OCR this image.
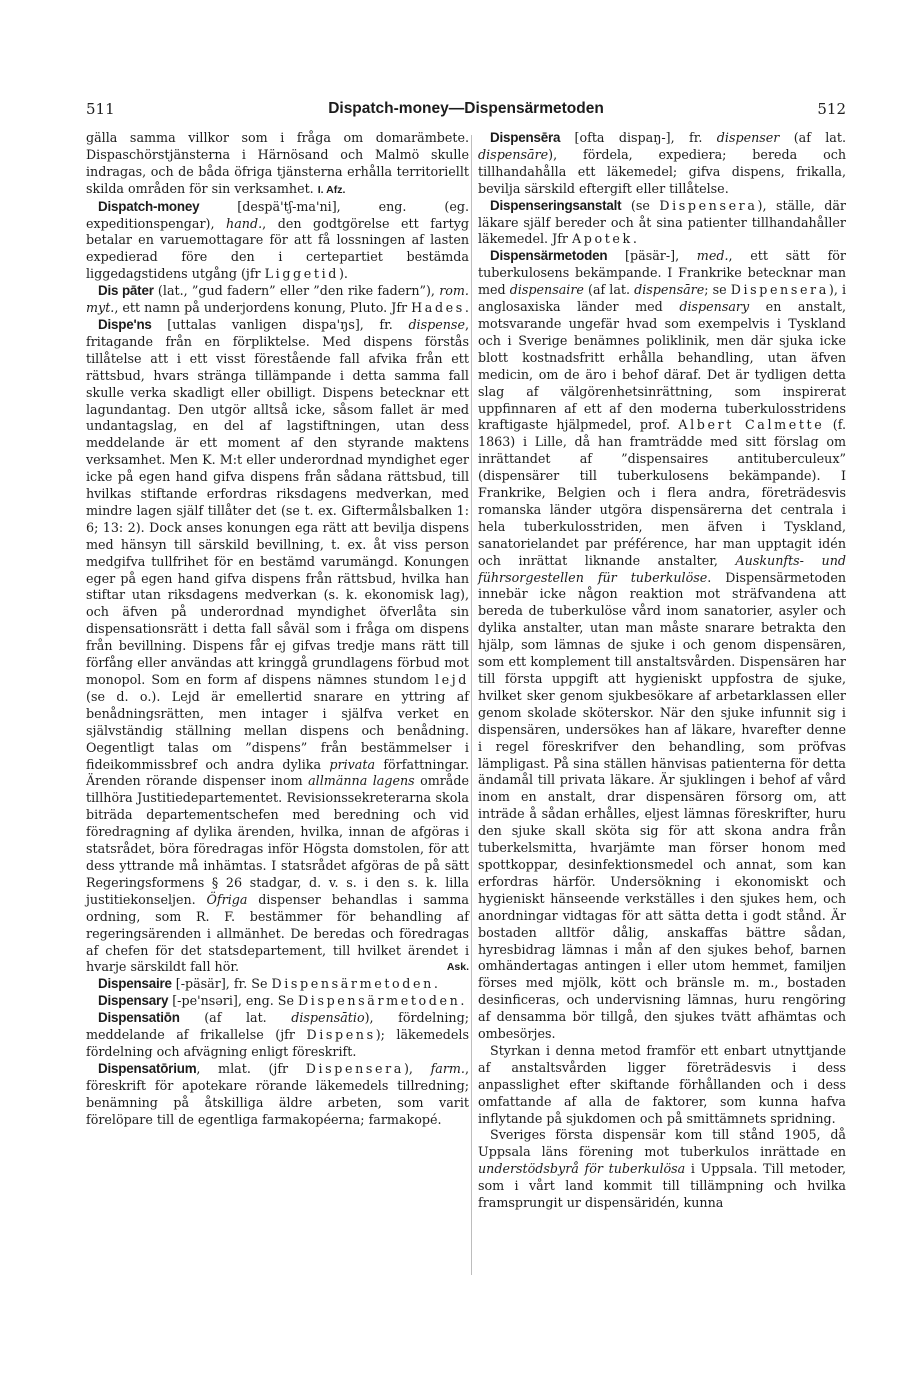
511	Dispatch-money—Dispensärmetoden	512

gälla samma villkor som i fråga om domarämbete. Dispaschörstjänsterna i Härnösand och Malmö skulle indragas, och de båda öfriga tjänsterna erhålla territoriellt skilda områden för sin verksamhet. I. Afz.

Dispatch-money [despä'tʃ-ma'ni], eng. (eg. expeditionspengar), hand., den godtgörelse ett fartyg betalar en varuemottagare för att få lossningen af lasten expedierad före den i certepartiet bestämda liggedagstidens utgång (jfr Liggetid).

Dis pāter (lat., ”gud fadern” eller ”den rike fadern”), rom. myt., ett namn på underjordens konung, Pluto. Jfr Hades.

Dispe'ns [uttalas vanligen dispa'ŋs], fr. dispense, fritagande från en förpliktelse. Med dispens förstås tillåtelse att i ett visst förestående fall afvika från ett rättsbud, hvars stränga tillämpande i detta samma fall skulle verka skadligt eller obilligt. Dispens betecknar ett lagundantag. Den utgör alltså icke, såsom fallet är med undantagslag, en del af lagstiftningen, utan dess meddelande är ett moment af den styrande maktens verksamhet. Men K. M:t eller underordnad myndighet eger icke på egen hand gifva dispens från sådana rättsbud, till hvilkas stiftande erfordras riksdagens medverkan, med mindre lagen själf tillåter det (se t. ex. Giftermålsbalken 1: 6; 13: 2). Dock anses konungen ega rätt att bevilja dispens med hänsyn till särskild bevillning, t. ex. åt viss person medgifva tullfrihet för en bestämd varumängd. Konungen eger på egen hand gifva dispens från rättsbud, hvilka han stiftar utan riksdagens medverkan (s. k. ekonomisk lag), och äfven på underordnad myndighet öfverlåta sin dispensationsrätt i detta fall såväl som i fråga om dispens från bevillning. Dispens får ej gifvas tredje mans rätt till förfång eller användas att kringgå grundlagens förbud mot monopol. Som en form af dispens nämnes stundom lejd (se d. o.). Lejd är emellertid snarare en yttring af benådningsrätten, men intager i själfva verket en självständig ställning mellan dispens och benådning. Oegentligt talas om ”dispens” från bestämmelser i fideikommissbref och andra dylika privata författningar. Ärenden rörande dispenser inom allmänna lagens område tillhöra Justitiedepartementet. Revisionssekreterarna skola biträda departementschefen med beredning och vid föredragning af dylika ärenden, hvilka, innan de afgöras i statsrådet, böra föredragas inför Högsta domstolen, för att dess yttrande må inhämtas. I statsrådet afgöras de på sätt Regeringsformens § 26 stadgar, d. v. s. i den s. k. lilla justitiekonseljen. Öfriga dispenser behandlas i samma ordning, som R. F. bestämmer för behandling af regeringsärenden i allmänhet. De beredas och föredragas af chefen för det statsdepartement, till hvilket ärendet i hvarje särskildt fall hör.	Ask.

Dispensaire [-päsär], fr. Se Dispensärmetoden.

Dispensary [-pe'nsəri], eng. Se Dispensärmetoden.

Dispensatiōn (af lat. dispensātio), fördelning; meddelande af frikallelse (jfr Dispens); läkemedels fördelning och afvägning enligt föreskrift.

Dispensatōrium, mlat. (jfr Dispensera), farm., föreskrift för apotekare rörande läkemedels tillredning; benämning på åtskilliga äldre arbeten, som varit förelöpare till de egentliga farmakopéerna; farmakopé.

Dispensēra [ofta dispaŋ-], fr. dispenser (af lat. dispensāre), fördela, expediera; bereda och tillhandahålla ett läkemedel; gifva dispens, frikalla, bevilja särskild eftergift eller tillåtelse.

Dispenseringsanstalt (se Dispensera), ställe, där läkare själf bereder och åt sina patienter tillhandahåller läkemedel. Jfr Apotek.

Dispensärmetoden [päsär-], med., ett sätt för tuberkulosens bekämpande. I Frankrike betecknar man med dispensaire (af lat. dispensāre; se Dispensera), i anglosaxiska länder med dispensary en anstalt, motsvarande ungefär hvad som exempelvis i Tyskland och i Sverige benämnes poliklinik, men där sjuka icke blott kostnadsfritt erhålla behandling, utan äfven medicin, om de äro i behof däraf. Det är tydligen detta slag af välgörenhetsinrättning, som inspirerat uppfinnaren af ett af den moderna tuberkulosstridens kraftigaste hjälpmedel, prof. Albert Calmette (f. 1863) i Lille, då han framträdde med sitt förslag om inrättandet af ”dispensaires antituberculeux” (dispensärer till tuberkulosens bekämpande). I Frankrike, Belgien och i flera andra, företrädesvis romanska länder utgöra dispensärerna det centrala i hela tuberkulosstriden, men äfven i Tyskland, sanatorielandet par préférence, har man upptagit idén och inrättat liknande anstalter, Auskunfts- und führsorgestellen für tuberkulöse. Dispensärmetoden innebär icke någon reaktion mot sträfvandena att bereda de tuberkulöse vård inom sanatorier, asyler och dylika anstalter, utan man måste snarare betrakta den hjälp, som lämnas de sjuke i och genom dispensären, som ett komplement till anstaltsvården. Dispensären har till första uppgift att hygieniskt uppfostra de sjuke, hvilket sker genom sjukbesökare af arbetarklassen eller genom skolade sköterskor. När den sjuke infunnit sig i dispensären, undersökes han af läkare, hvarefter denne i regel föreskrifver den behandling, som pröfvas lämpligast. På sina ställen hänvisas patienterna för detta ändamål till privata läkare. Är sjuklingen i behof af vård inom en anstalt, drar dispensären försorg om, att inträde å sådan erhålles, eljest lämnas föreskrifter, huru den sjuke skall skötа sig för att skona andra från tuberkelsmitta, hvarjämte man förser honom med spottkoppar, desinfektionsmedel och annat, som kan erfordras härför. Undersökning i ekonomiskt och hygieniskt hänseende verkställes i den sjukes hem, och anordningar vidtagas för att sätta detta i godt stånd. Är bostaden alltför dålig, anskaffas bättre sådan, hyresbidrag lämnas i mån af den sjukes behof, barnen omhändertagas antingen i eller utom hemmet, familjen förses med mjölk, kött och bränsle m. m., bostaden desinficeras, och undervisning lämnas, huru rengöring af densamma bör tillgå, den sjukes tvätt afhämtas och ombesörjes.

Styrkan i denna metod framför ett enbart utnyttjande af anstaltsvården ligger företrädesvis i dess anpasslighet efter skiftande förhållanden och i dess omfattande af alla de faktorer, som kunna hafva inflytande på sjukdomen och på smittämnets spridning.

Sveriges första dispensär kom till stånd 1905, då Uppsala läns förening mot tuberkulos inrättade en understödsbyrå för tuberkulösa i Uppsala. Till metoder, som i vårt land kommit till tillämpning och hvilka framsprungit ur dispensäridén, kunna
